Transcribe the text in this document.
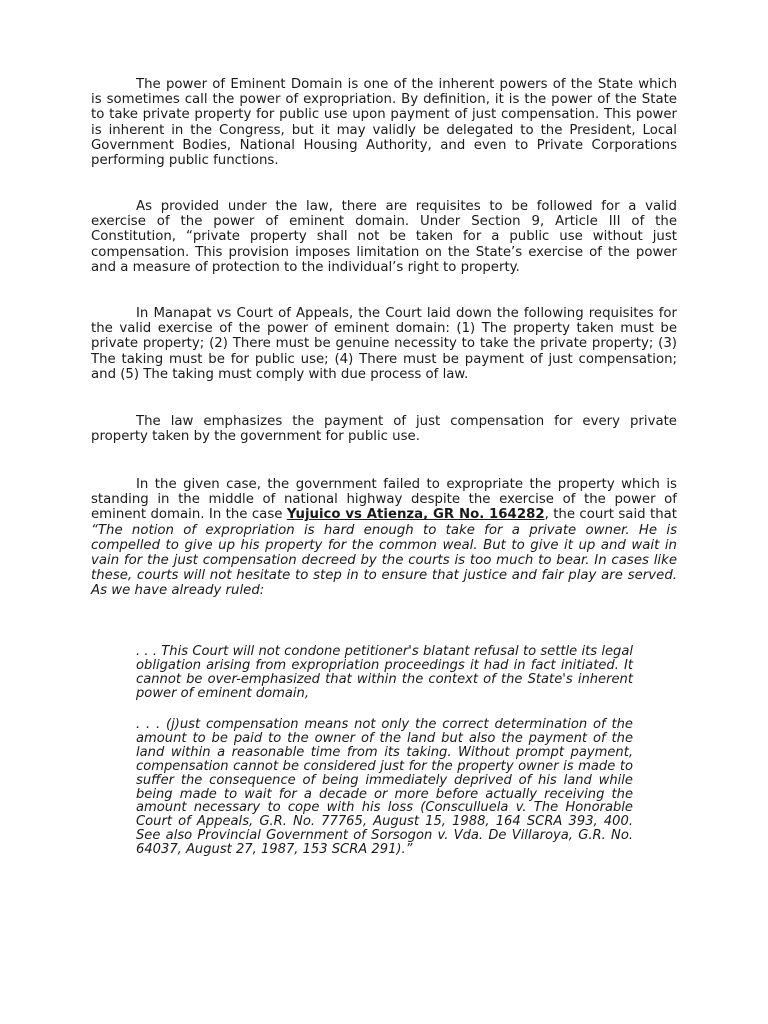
The power of Eminent Domain is one of the inherent powers of the State which is sometimes call the power of expropriation. By definition, it is the power of the State to take private property for public use upon payment of just compensation. This power is inherent in the Congress, but it may validly be delegated to the President, Local Government Bodies, National Housing Authority, and even to Private Corporations performing public functions.

As provided under the law, there are requisites to be followed for a valid exercise of the power of eminent domain. Under Section 9, Article III of the Constitution, “private property shall not be taken for a public use without just compensation. This provision imposes limitation on the State’s exercise of the power and a measure of protection to the individual’s right to property.

In Manapat vs Court of Appeals, the Court laid down the following requisites for the valid exercise of the power of eminent domain: (1) The property taken must be private property; (2) There must be genuine necessity to take the private property; (3) The taking must be for public use; (4) There must be payment of just compensation; and (5) The taking must comply with due process of law.

The law emphasizes the payment of just compensation for every private property taken by the government for public use.

In the given case, the government failed to expropriate the property which is standing in the middle of national highway despite the exercise of the power of eminent domain. In the case Yujuico vs Atienza, GR No. 164282, the court said that “The notion of expropriation is hard enough to take for a private owner. He is compelled to give up his property for the common weal. But to give it up and wait in vain for the just compensation decreed by the courts is too much to bear. In cases like these, courts will not hesitate to step in to ensure that justice and fair play are served. As we have already ruled:

. . . This Court will not condone petitioner's blatant refusal to settle its legal obligation arising from expropriation proceedings it had in fact initiated. It cannot be over-emphasized that within the context of the State's inherent power of eminent domain,

. . . (j)ust compensation means not only the correct determination of the amount to be paid to the owner of the land but also the payment of the land within a reasonable time from its taking. Without prompt payment, compensation cannot be considered just for the property owner is made to suffer the consequence of being immediately deprived of his land while being made to wait for a decade or more before actually receiving the amount necessary to cope with his loss (Consculluela v. The Honorable Court of Appeals, G.R. No. 77765, August 15, 1988, 164 SCRA 393, 400. See also Provincial Government of Sorsogon v. Vda. De Villaroya, G.R. No. 64037, August 27, 1987, 153 SCRA 291).”
